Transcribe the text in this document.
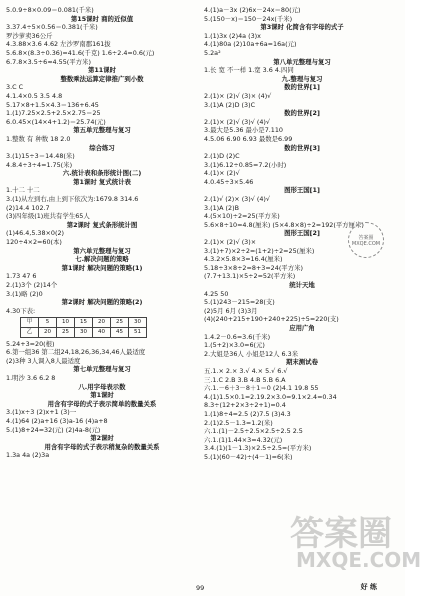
5.0.9÷8×0.09＝0.081(千米)
第15课时 商的近似值
3.37.4÷5×0.56＝0.381(千米)
罗沙萝卖36公斤
4.3.88×3.6 4.62 左沙罗南郡161拔
5.6.8×(8.3÷0.36)=41.6(千克) 1.6÷2.4=0.6(元)
6.7.8×3.5÷6≈4.55(平方米)
第11课时
整数乘法运算定律推广到小数
3.C C
4.1.4×0.5 3.5 4.8
5.17×8+1.5×4.3＝136+6.45
1.(1)7.25×2.5+2.5×2.75＝25
6.0.45×(14×4+1.2)＝25.74(元)
第五单元整理与复习
1.整数 有 种数 18 2.0
综合练习
3.(1)15÷3＝14.48(米)
4.8.4÷3÷4=1.75(米)
六.统计表和条形统计图(二)
第1课时 复式统计表
1.十二 十二
3.(1)从左到右,由上到下依次为:1679.8 314.6
(2)14.4 102.7
(3)四年级(1)班共有学生65人
第2课时 复式条形统计图
(1)46.4,5.38×0(2)
120÷4×2=60(本)
第六单元整理与复习
七.解决问题的策略
第1课时 解决问题的策略(1)
1.73 47 6
2.(1)3个 (2)14个
3.(1)略 (2)0
第2课时 解决问题的策略(2)
4.30下表:
甲	5	10	15	20	25	30
乙	20	25	30	40	45	51
5.24+3=20(根)
6.第一组36 第二组24,18,26,36,34,46人最适度
(2)3种 3人调入8人最适度
第七单元整理与复习
1.明沙 3.6 6.2 8
八.用字母表示数
第1课时
用含有字母的式子表示简单的数量关系
3.(1)x÷3 (2)x+1 (3)一
4.(1)64 (2)a+16 (3)a-16 (4)a+8
5.(1)8+24=32(元) (2)4a-8(元)
第2课时
用含有字母的式子表示稍复杂的数量关系
1.3a 4a (2)3a
4.(1)a－3x (2)6x－24x＝80(元)
5.(150－x)＝150－24x(千米)
第3课时 化简含有字母的式子
1.(1)3x (2)4a (3)x
4.(1)80a (2)10a+6a=16a(元)
5.2a²
第八单元整理与复习
1.长 宽 不一样 1.宽 3.6 4.四同
九.整理与复习
数的世界[1]
2.(1)× (2)√ (3)× (4)√
3.(1)A (2)D (3)C
数的世界[2]
2.(1)× (2)√ (3)√ (4)√
3.最大是5.36 最小是7.110
4.5.06 6.90 6.93 最数是6.99
数的世界[3]
2.(1)D (2)C
3.(1)6.12÷0.85=7.2(小时)
4.(1)× (2)√
4.0.45÷3×5.46
图形王国[1]
2.(1)√ (2)× (3)√ (4)√
3.(1)A (2)B
4.(5×10)÷2=25(平方米)
5.6×8÷10=4.8(厘米) (5×4.8×8)÷2=192(平方厘米)
图形王国[2]
2.(1)× (2)√ (3)×
3.(1)+7)×2÷2=(1+2)÷2=25(厘米)
4.3.2×5.8×3=16.4(厘米)
5.18÷3×8÷2=8+3=24(平方米)
(7.7+13.1)×5÷2=52(平方米)
统计天地
4.25 50
5.(1)243－215=28(支)
(2)5月 6月 (3)3月
(4)(240+215+190+240+225)÷5=220(支)
应用广角
1.4.2－0.6=3.6(千米)
1.(5+2)×3.0=6(元)
2.大姐是36人 小姐是12人 6.3米
期末测试卷
五.1.× 2.× 3.√ 4.× 5.√ 6.√
三.1.C 2.B 3.B 4.B 5.B 6.A
六.1.－6＋3－8＋1＝0 (2)4.1 19.8 55
4.(1)1.5×0.1=2.19.2×3.0=9.1×2.4=0.34
8.3÷(12+2×3÷2+1)=0.4
1.(1)8÷4=2.5 (2)7.5 (3)4.3
2.(1)2.5－1.3=1.2(米)
六.1.(1)－2.5÷2.5×2.5÷2.5 2.5
六.1.(1)1.44×3=4.32(元)
3.4.(1)(1－1.3)×2.5÷2.5=(平方米)
5.(1)(60－42)÷(4－1)=6(米)
答案圈 MXQE.COM
答案圈
MXQE.COM
99	好 练
